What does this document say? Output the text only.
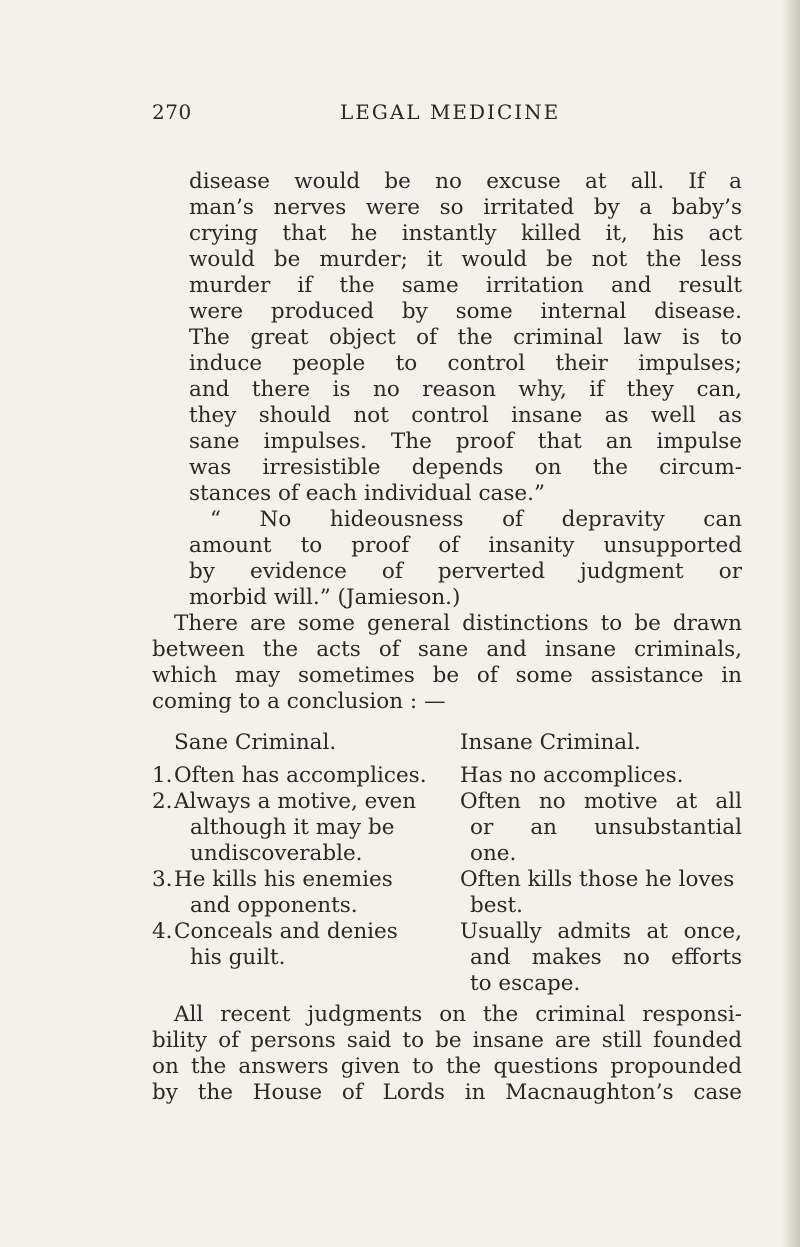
270	LEGAL MEDICINE
disease would be no excuse at all. If a
man’s nerves were so irritated by a baby’s
crying that he instantly killed it, his act
would be murder; it would be not the less
murder if the same irritation and result
were produced by some internal disease.
The great object of the criminal law is to
induce people to control their impulses;
and there is no reason why, if they can,
they should not control insane as well as
sane impulses. The proof that an impulse
was irresistible depends on the circum-
stances of each individual case.”
“ No hideousness of depravity can
amount to proof of insanity unsupported
by evidence of perverted judgment or
morbid will.” (Jamieson.)
There are some general distinctions to be drawn
between the acts of sane and insane criminals,
which may sometimes be of some assistance in
coming to a conclusion : —
Sane Criminal.	Insane Criminal.
1. Often has accomplices. Has no accomplices.
2. Always a motive, even
although it may be
undiscoverable.
Often no motive at all
or an unsubstantial
one.
3. He kills his enemies
and opponents.
Often kills those he loves
best.
4. Conceals and denies
his guilt.
Usually admits at once,
and makes no efforts
to escape.
All recent judgments on the criminal responsi-
bility of persons said to be insane are still founded
on the answers given to the questions propounded
by the House of Lords in Macnaughton’s case
